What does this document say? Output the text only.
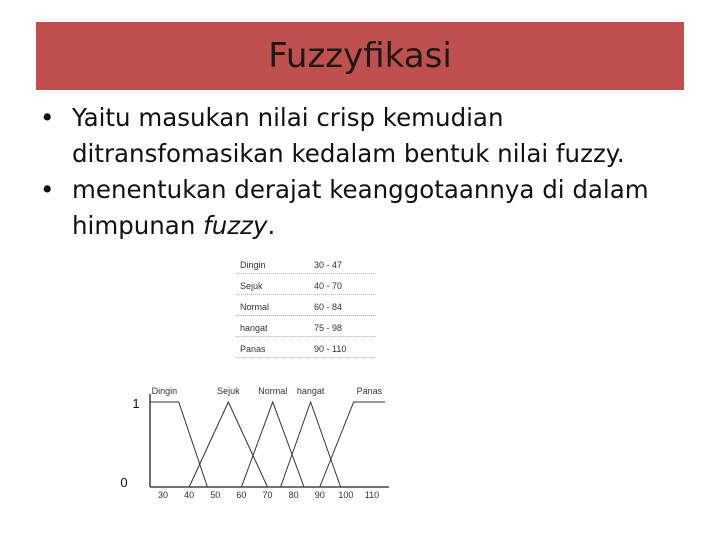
Fuzzyfikasi
• Yaitu masukan nilai crisp kemudian ditransfomasikan kedalam bentuk nilai fuzzy.
• menentukan derajat keanggotaannya di dalam himpunan fuzzy.
Dingin	30 - 47
Sejuk	40 - 70
Normal	60 - 84
hangat	75 - 98
Panas	90 - 110
0
1
30 40 50 60 70 80 90 100 110
Dingin	Sejuk Normal hangat	Panas
